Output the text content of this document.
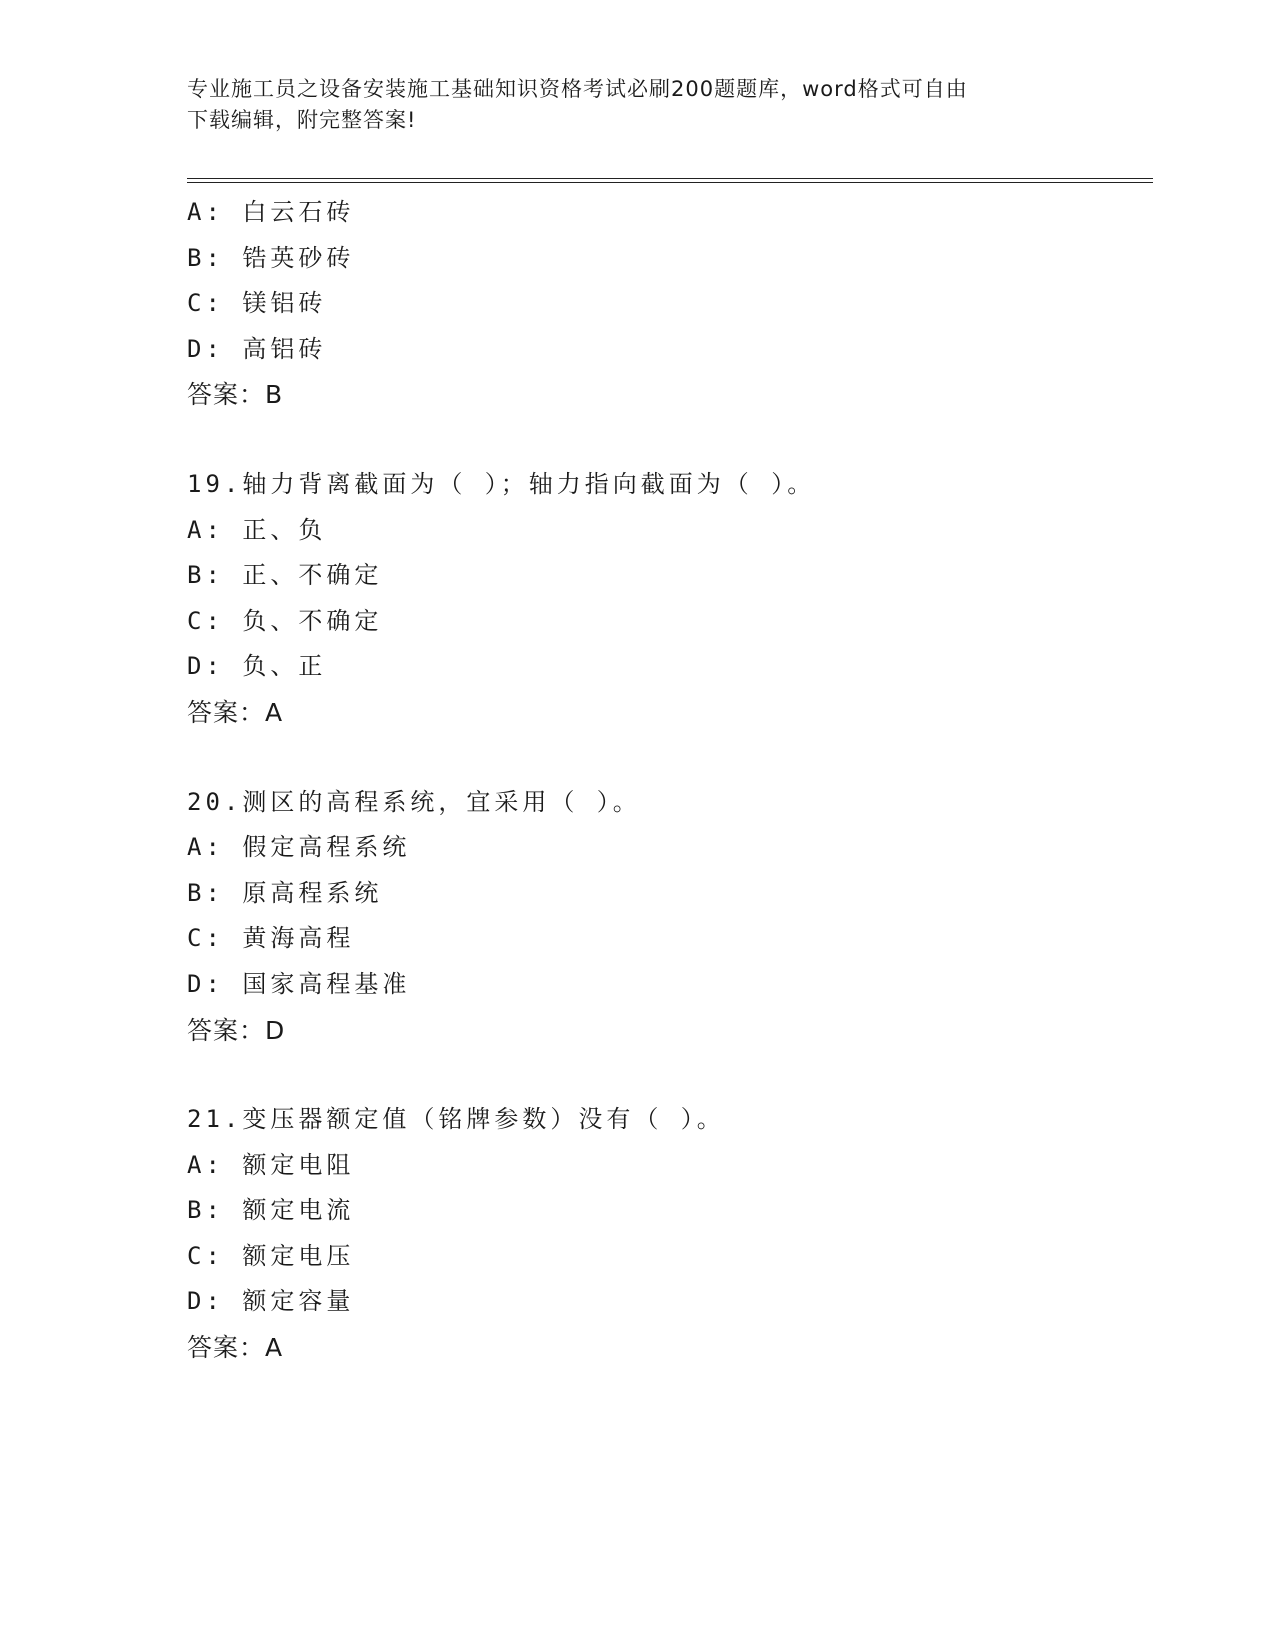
专业施工员之设备安装施工基础知识资格考试必刷200题题库，word格式可自由
下载编辑，附完整答案!
A: 白云石砖
B: 锆英砂砖
C: 镁铝砖
D: 高铝砖
答案：B
19.轴力背离截面为（ ）；轴力指向截面为（ ）。
A: 正、负
B: 正、不确定
C: 负、不确定
D: 负、正
答案：A
20.测区的高程系统，宜采用（ ）。
A: 假定高程系统
B: 原高程系统
C: 黄海高程
D: 国家高程基准
答案：D
21.变压器额定值（铭牌参数）没有（ ）。
A: 额定电阻
B: 额定电流
C: 额定电压
D: 额定容量
答案：A
